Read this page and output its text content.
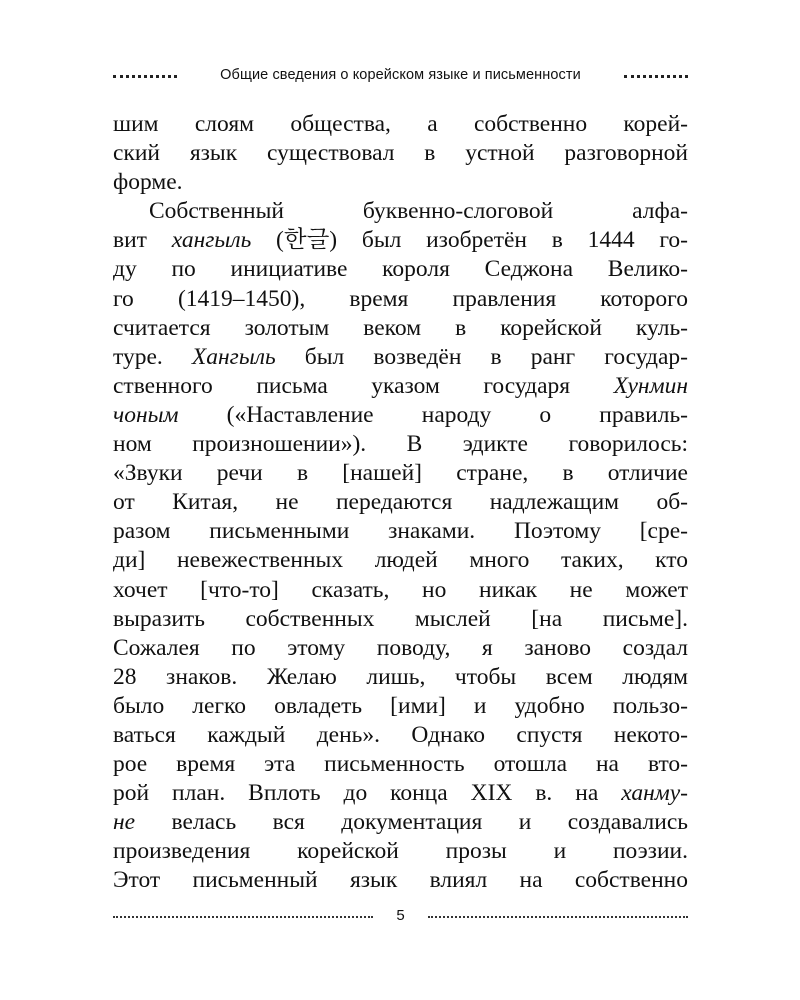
Общие сведения о корейском языке и письменности
шим слоям общества, а собственно корей-
ский язык существовал в устной разговорной
форме.
Собственный буквенно-слоговой алфа-
вит хангыль (한글) был изобретён в 1444 го-
ду по инициативе короля Седжона Велико-
го (1419–1450), время правления которого
считается золотым веком в корейской куль-
туре. Хангыль был возведён в ранг государ-
ственного письма указом государя Хунмин
чоным («Наставление народу о правиль-
ном произношении»). В эдикте говорилось:
«Звуки речи в [нашей] стране, в отличие
от Китая, не передаются надлежащим об-
разом письменными знаками. Поэтому [сре-
ди] невежественных людей много таких, кто
хочет [что-то] сказать, но никак не может
выразить собственных мыслей [на письме].
Сожалея по этому поводу, я заново создал
28 знаков. Желаю лишь, чтобы всем людям
было легко овладеть [ими] и удобно пользо-
ваться каждый день». Однако спустя некото-
рое время эта письменность отошла на вто-
рой план. Вплоть до конца XIX в. на ханму-
не велась вся документация и создавались
произведения корейской прозы и поэзии.
Этот письменный язык влиял на собственно
5
